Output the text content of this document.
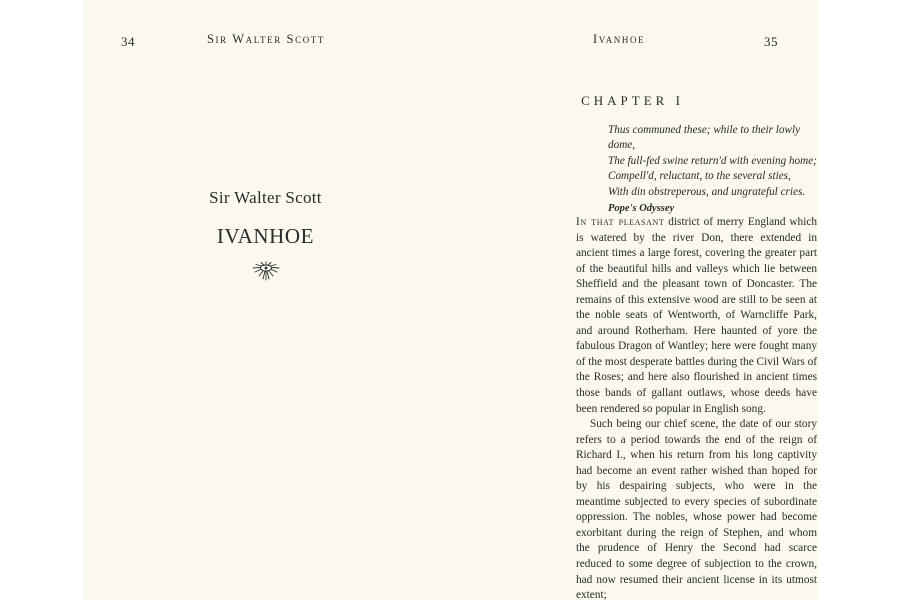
34	Sir Walter Scott
Sir Walter Scott
IVANHOE
Ivanhoe	35
CHAPTER I
Thus communed these; while to their lowly dome,
The full-fed swine return'd with evening home;
Compell'd, reluctant, to the several sties,
With din obstreperous, and ungrateful cries.
Pope's Odyssey

In that pleasant district of merry England which is watered by the river Don, there extended in ancient times a large forest, covering the greater part of the beautiful hills and valleys which lie between Sheffield and the pleasant town of Doncaster. The remains of this extensive wood are still to be seen at the noble seats of Wentworth, of Warncliffe Park, and around Rotherham. Here haunted of yore the fabulous Dragon of Wantley; here were fought many of the most desperate battles during the Civil Wars of the Roses; and here also flourished in ancient times those bands of gallant outlaws, whose deeds have been rendered so popular in English song.

Such being our chief scene, the date of our story refers to a period towards the end of the reign of Richard I., when his return from his long captivity had become an event rather wished than hoped for by his despairing subjects, who were in the meantime subjected to every species of subordinate oppression. The nobles, whose power had become exorbitant during the reign of Stephen, and whom the prudence of Henry the Second had scarce reduced to some degree of subjection to the crown, had now resumed their ancient license in its utmost extent;
